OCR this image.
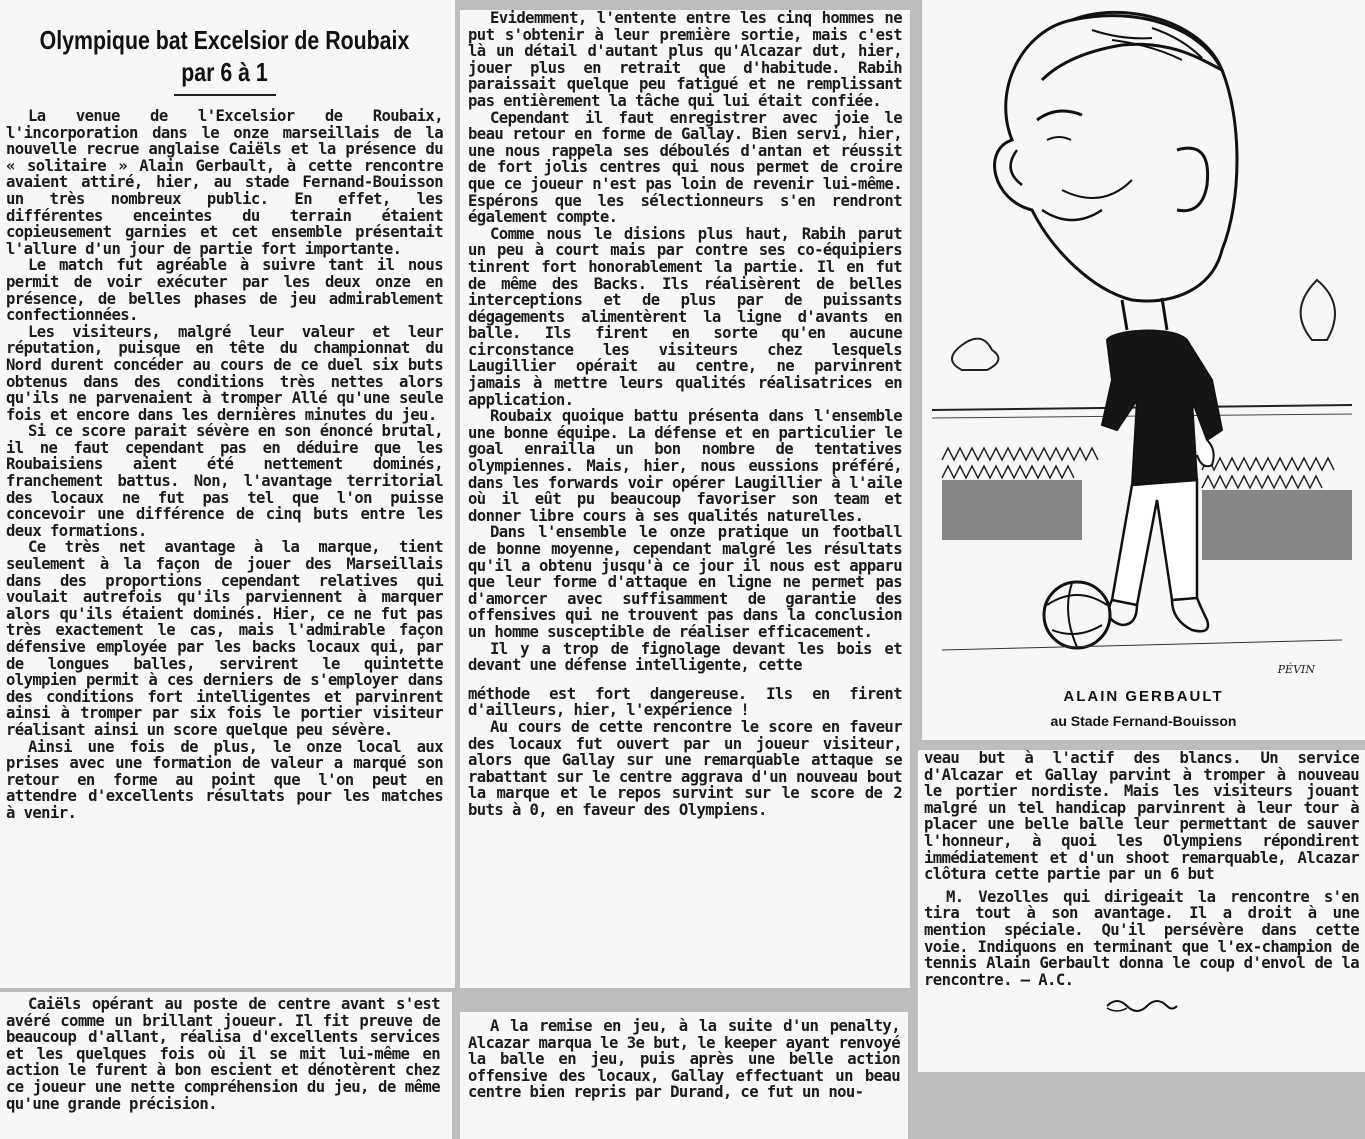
Olympique bat Excelsior de Roubaix
par 6 à 1

La venue de l'Excelsior de Roubaix, l'incorporation dans le onze marseillais de la nouvelle recrue anglaise Caiëls et la présence du « solitaire » Alain Gerbault, à cette rencontre avaient attiré, hier, au stade Fernand-Bouisson un très nombreux public. En effet, les différentes enceintes du terrain étaient copieusement garnies et cet ensemble présentait l'allure d'un jour de partie fort importante.

Le match fut agréable à suivre tant il nous permit de voir exécuter par les deux onze en présence, de belles phases de jeu admirablement confectionnées.

Les visiteurs, malgré leur valeur et leur réputation, puisque en tête du championnat du Nord durent concéder au cours de ce duel six buts obtenus dans des conditions très nettes alors qu'ils ne parvenaient à tromper Allé qu'une seule fois et encore dans les dernières minutes du jeu.

Si ce score parait sévère en son énoncé brutal, il ne faut cependant pas en déduire que les Roubaisiens aient été nettement dominés, franchement battus. Non, l'avantage territorial des locaux ne fut pas tel que l'on puisse concevoir une différence de cinq buts entre les deux formations.

Ce très net avantage à la marque, tient seulement à la façon de jouer des Marseillais dans des proportions cependant relatives qui voulait autrefois qu'ils parviennent à marquer alors qu'ils étaient dominés. Hier, ce ne fut pas très exactement le cas, mais l'admirable façon défensive employée par les backs locaux qui, par de longues balles, servirent le quintette olympien permit à ces derniers de s'employer dans des conditions fort intelligentes et parvinrent ainsi à tromper par six fois le portier visiteur réalisant ainsi un score quelque peu sévère.

Ainsi une fois de plus, le onze local aux prises avec une formation de valeur a marqué son retour en forme au point que l'on peut en attendre d'excellents résultats pour les matches à venir.

Caiëls opérant au poste de centre avant s'est avéré comme un brillant joueur. Il fit preuve de beaucoup d'allant, réalisa d'excellents services et les quelques fois où il se mit lui-même en action le furent à bon escient et dénotèrent chez ce joueur une nette compréhension du jeu, de même qu'une grande précision.

Evidemment, l'entente entre les cinq hommes ne put s'obtenir à leur première sortie, mais c'est là un détail d'autant plus qu'Alcazar dut, hier, jouer plus en retrait que d'habitude. Rabih paraissait quelque peu fatigué et ne remplissant pas entièrement la tâche qui lui était confiée.

Cependant il faut enregistrer avec joie le beau retour en forme de Gallay. Bien servi, hier, une nous rappela ses déboulés d'antan et réussit de fort jolis centres qui nous permet de croire que ce joueur n'est pas loin de revenir lui-même. Espérons que les sélectionneurs s'en rendront également compte.

Comme nous le disions plus haut, Rabih parut un peu à court mais par contre ses co-équipiers tinrent fort honorablement la partie. Il en fut de même des Backs. Ils réalisèrent de belles interceptions et de plus par de puissants dégagements alimentèrent la ligne d'avants en balle. Ils firent en sorte qu'en aucune circonstance les visiteurs chez lesquels Laugillier opérait au centre, ne parvinrent jamais à mettre leurs qualités réalisatrices en application.

Roubaix quoique battu présenta dans l'ensemble une bonne équipe. La défense et en particulier le goal enrailla un bon nombre de tentatives olympiennes. Mais, hier, nous eussions préféré, dans les forwards voir opérer Laugillier à l'aile où il eût pu beaucoup favoriser son team et donner libre cours à ses qualités naturelles.

Dans l'ensemble le onze pratique un football de bonne moyenne, cependant malgré les résultats qu'il a obtenu jusqu'à ce jour il nous est apparu que leur forme d'attaque en ligne ne permet pas d'amorcer avec suffisamment de garantie des offensives qui ne trouvent pas dans la conclusion un homme susceptible de réaliser efficacement.

Il y a trop de fignolage devant les bois et devant une défense intelligente, cette

méthode est fort dangereuse. Ils en firent d'ailleurs, hier, l'expérience !

Au cours de cette rencontre le score en faveur des locaux fut ouvert par un joueur visiteur, alors que Gallay sur une remarquable attaque se rabattant sur le centre aggrava d'un nouveau bout la marque et le repos survint sur le score de 2 buts à 0, en faveur des Olympiens.

A la remise en jeu, à la suite d'un penalty, Alcazar marqua le 3e but, le keeper ayant renvoyé la balle en jeu, puis après une belle action offensive des locaux, Gallay effectuant un beau centre bien repris par Durand, ce fut un nou-

PÉVIN
ALAIN GERBAULT
au Stade Fernand-Bouisson

veau but à l'actif des blancs. Un service d'Alcazar et Gallay parvint à tromper à nouveau le portier nordiste. Mais les visiteurs jouant malgré un tel handicap parvinrent à leur tour à placer une belle balle leur permettant de sauver l'honneur, à quoi les Olympiens répondirent immédiatement et d'un shoot remarquable, Alcazar clôtura cette partie par un 6 but

M. Vezolles qui dirigeait la rencontre s'en tira tout à son avantage. Il a droit à une mention spéciale. Qu'il persévère dans cette voie. Indiquons en terminant que l'ex-champion de tennis Alain Gerbault donna le coup d'envol de la rencontre. — A.C.
